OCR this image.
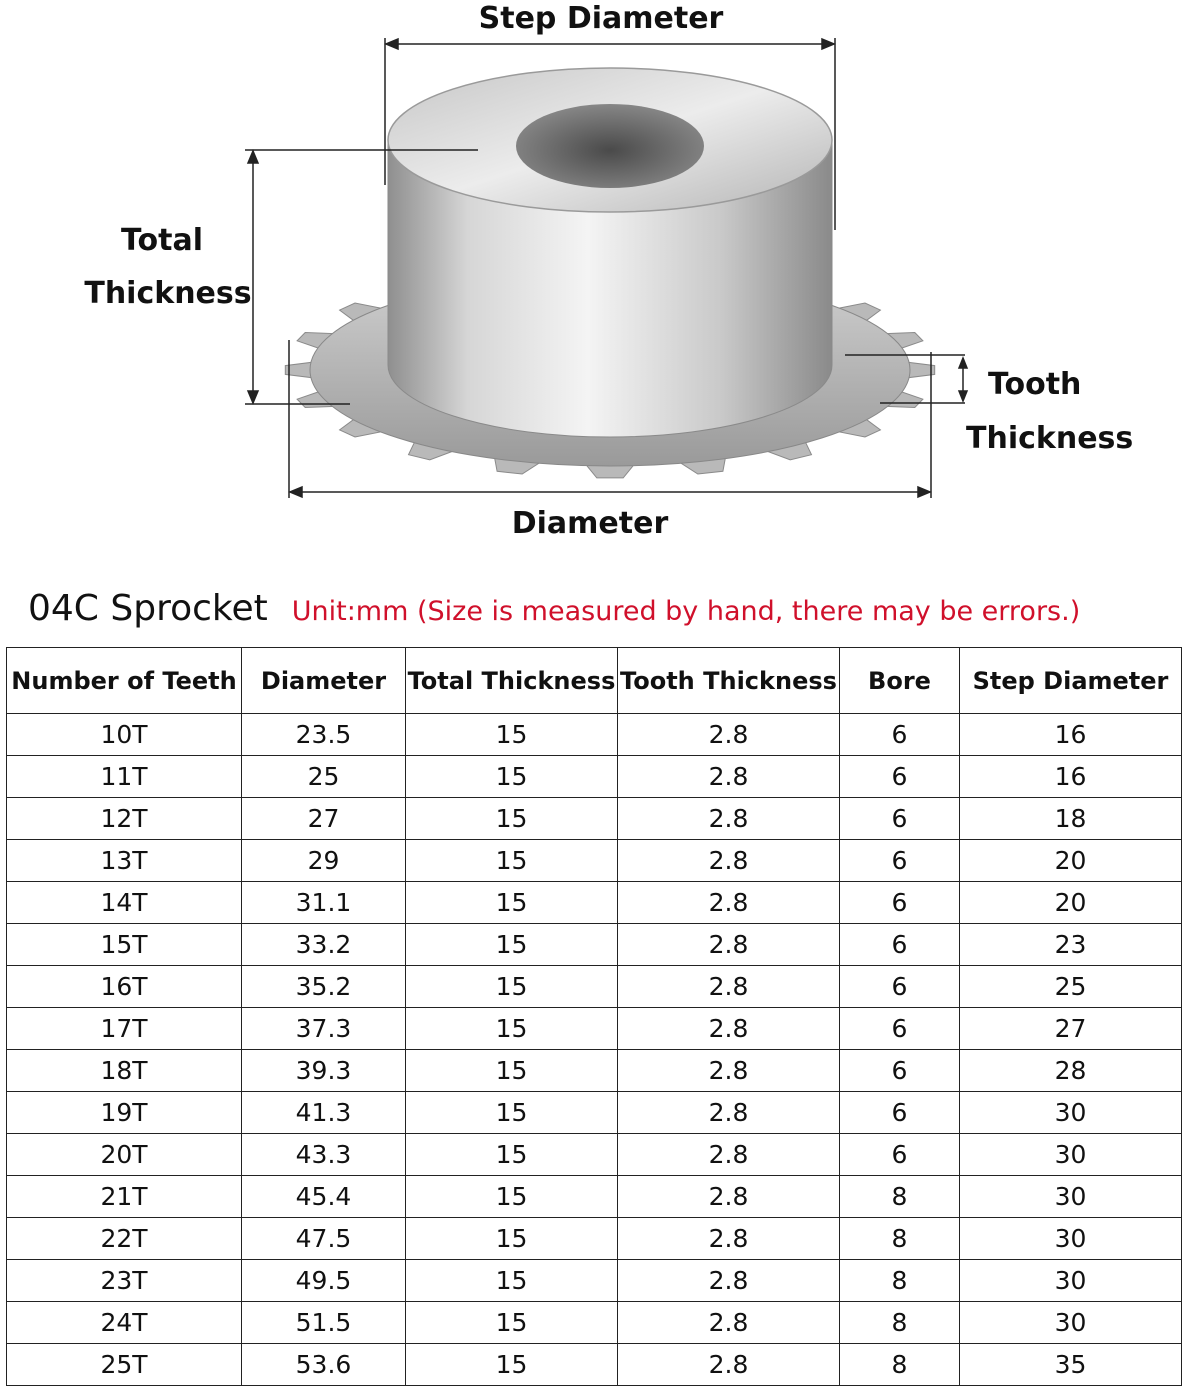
Step Diameter
Total
Thickness
Tooth
Thickness
Diameter
04C Sprocket Unit:mm (Size is measured by hand, there may be errors.)
Number of Teeth	Diameter	Total Thickness	Tooth Thickness	Bore	Step Diameter
10T	23.5	15	2.8	6	16
11T	25	15	2.8	6	16
12T	27	15	2.8	6	18
13T	29	15	2.8	6	20
14T	31.1	15	2.8	6	20
15T	33.2	15	2.8	6	23
16T	35.2	15	2.8	6	25
17T	37.3	15	2.8	6	27
18T	39.3	15	2.8	6	28
19T	41.3	15	2.8	6	30
20T	43.3	15	2.8	6	30
21T	45.4	15	2.8	8	30
22T	47.5	15	2.8	8	30
23T	49.5	15	2.8	8	30
24T	51.5	15	2.8	8	30
25T	53.6	15	2.8	8	35
